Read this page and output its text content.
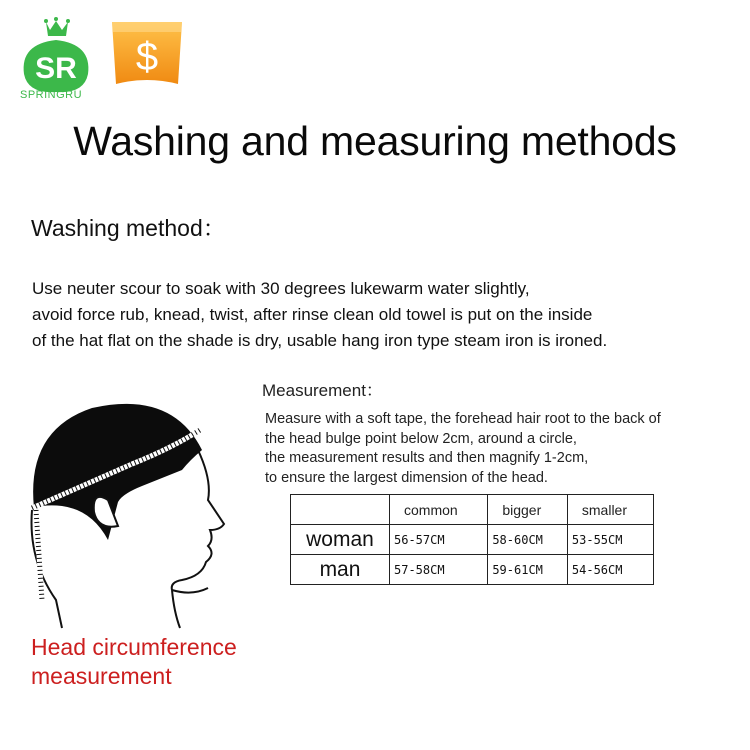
SR
SPRINGRU
$
Washing and measuring methods
Washing method：

Use neuter scour to soak with 30 degrees lukewarm water slightly,
avoid force rub, knead, twist, after rinse clean old towel is put on the inside
of the hat flat on the shade is dry, usable hang iron type steam iron is ironed.

Measurement：

Measure with a soft tape, the forehead hair root to the back of
the head bulge point below 2cm, around a circle,
the measurement results and then magnify 1-2cm,
to ensure the largest dimension of the head.

	common	bigger	smaller
woman	56-57CM	58-60CM	53-55CM
man	57-58CM	59-61CM	54-56CM
Head circumference
measurement
